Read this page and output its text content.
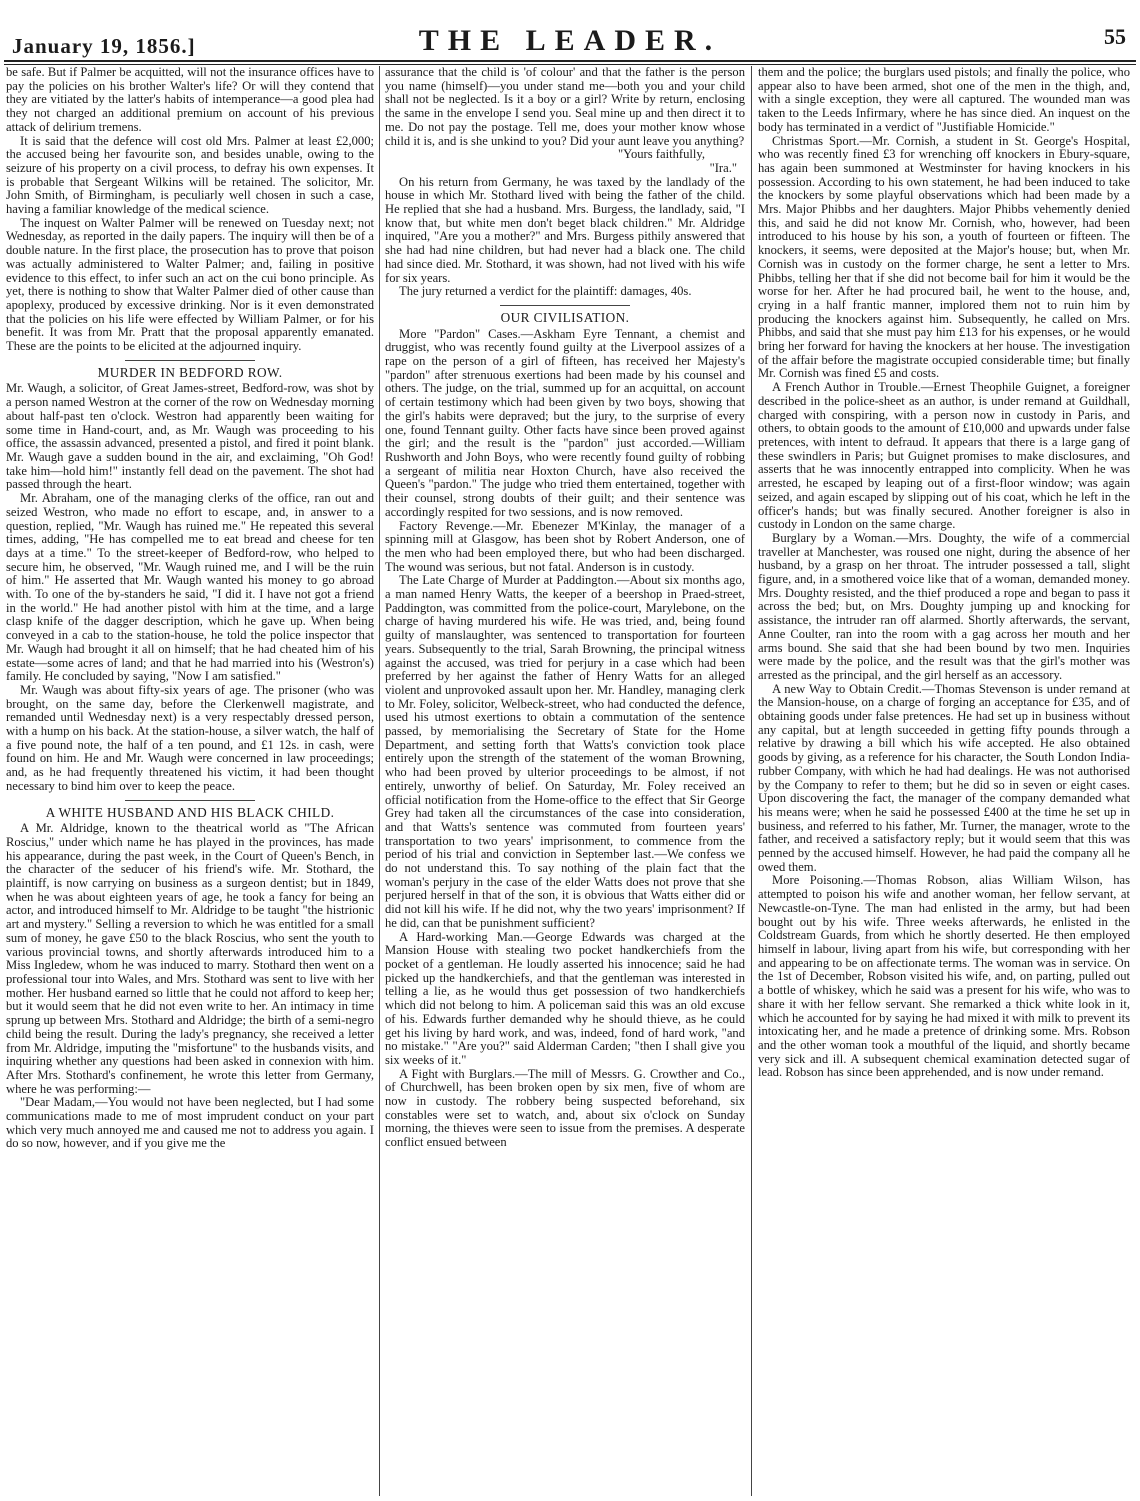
January 19, 1856.]	THE LEADER.	55

be safe. But if Palmer be acquitted, will not the insurance offices have to pay the policies on his brother Walter's life? Or will they contend that they are vitiated by the latter's habits of intemperance—a good plea had they not charged an additional premium on account of his previous attack of delirium tremens.

It is said that the defence will cost old Mrs. Palmer at least £2,000; the accused being her favourite son, and besides unable, owing to the seizure of his property on a civil process, to defray his own expenses. It is probable that Sergeant Wilkins will be retained. The solicitor, Mr. John Smith, of Birmingham, is peculiarly well chosen in such a case, having a familiar knowledge of the medical science.

The inquest on Walter Palmer will be renewed on Tuesday next; not Wednesday, as reported in the daily papers. The inquiry will then be of a double nature. In the first place, the prosecution has to prove that poison was actually administered to Walter Palmer; and, failing in positive evidence to this effect, to infer such an act on the cui bono principle. As yet, there is nothing to show that Walter Palmer died of other cause than apoplexy, produced by excessive drinking. Nor is it even demonstrated that the policies on his life were effected by William Palmer, or for his benefit. It was from Mr. Pratt that the proposal apparently emanated. These are the points to be elicited at the adjourned inquiry.

MURDER IN BEDFORD ROW.

Mr. Waugh, a solicitor, of Great James-street, Bedford-row, was shot by a person named Westron at the corner of the row on Wednesday morning about half-past ten o'clock. Westron had apparently been waiting for some time in Hand-court, and, as Mr. Waugh was proceeding to his office, the assassin advanced, presented a pistol, and fired it point blank. Mr. Waugh gave a sudden bound in the air, and exclaiming, "Oh God! take him—hold him!" instantly fell dead on the pavement. The shot had passed through the heart.

Mr. Abraham, one of the managing clerks of the office, ran out and seized Westron, who made no effort to escape, and, in answer to a question, replied, "Mr. Waugh has ruined me." He repeated this several times, adding, "He has compelled me to eat bread and cheese for ten days at a time." To the street-keeper of Bedford-row, who helped to secure him, he observed, "Mr. Waugh ruined me, and I will be the ruin of him." He asserted that Mr. Waugh wanted his money to go abroad with. To one of the by-standers he said, "I did it. I have not got a friend in the world." He had another pistol with him at the time, and a large clasp knife of the dagger description, which he gave up. When being conveyed in a cab to the station-house, he told the police inspector that Mr. Waugh had brought it all on himself; that he had cheated him of his estate—some acres of land; and that he had married into his (Westron's) family. He concluded by saying, "Now I am satisfied."

Mr. Waugh was about fifty-six years of age. The prisoner (who was brought, on the same day, before the Clerkenwell magistrate, and remanded until Wednesday next) is a very respectably dressed person, with a hump on his back. At the station-house, a silver watch, the half of a five pound note, the half of a ten pound, and £1 12s. in cash, were found on him. He and Mr. Waugh were concerned in law proceedings; and, as he had frequently threatened his victim, it had been thought necessary to bind him over to keep the peace.

A WHITE HUSBAND AND HIS BLACK CHILD.

A Mr. Aldridge, known to the theatrical world as "The African Roscius," under which name he has played in the provinces, has made his appearance, during the past week, in the Court of Queen's Bench, in the character of the seducer of his friend's wife. Mr. Stothard, the plaintiff, is now carrying on business as a surgeon dentist; but in 1849, when he was about eighteen years of age, he took a fancy for being an actor, and introduced himself to Mr. Aldridge to be taught "the histrionic art and mystery." Selling a reversion to which he was entitled for a small sum of money, he gave £50 to the black Roscius, who sent the youth to various provincial towns, and shortly afterwards introduced him to a Miss Ingledew, whom he was induced to marry. Stothard then went on a professional tour into Wales, and Mrs. Stothard was sent to live with her mother. Her husband earned so little that he could not afford to keep her; but it would seem that he did not even write to her. An intimacy in time sprung up between Mrs. Stothard and Aldridge; the birth of a semi-negro child being the result. During the lady's pregnancy, she received a letter from Mr. Aldridge, imputing the "misfortune" to the husbands visits, and inquiring whether any questions had been asked in connexion with him. After Mrs. Stothard's confinement, he wrote this letter from Germany, where he was performing:—

"Dear Madam,—You would not have been neglected, but I had some communications made to me of most imprudent conduct on your part which very much annoyed me and caused me not to address you again. I do so now, however, and if you give me the

assurance that the child is 'of colour' and that the father is the person you name (himself)—you under stand me—both you and your child shall not be neglected. Is it a boy or a girl? Write by return, enclosing the same in the envelope I send you. Seal mine up and then direct it to me. Do not pay the postage. Tell me, does your mother know whose child it is, and is she unkind to you? Did your aunt leave you anything?

"Yours faithfully,

"Ira."

On his return from Germany, he was taxed by the landlady of the house in which Mr. Stothard lived with being the father of the child. He replied that she had a husband. Mrs. Burgess, the landlady, said, "I know that, but white men don't beget black children." Mr. Aldridge inquired, "Are you a mother?" and Mrs. Burgess pithily answered that she had had nine children, but had never had a black one. The child had since died. Mr. Stothard, it was shown, had not lived with his wife for six years.

The jury returned a verdict for the plaintiff: damages, 40s.

OUR CIVILISATION.

More "Pardon" Cases.—Askham Eyre Tennant, a chemist and druggist, who was recently found guilty at the Liverpool assizes of a rape on the person of a girl of fifteen, has received her Majesty's "pardon" after strenuous exertions had been made by his counsel and others. The judge, on the trial, summed up for an acquittal, on account of certain testimony which had been given by two boys, showing that the girl's habits were depraved; but the jury, to the surprise of every one, found Tennant guilty. Other facts have since been proved against the girl; and the result is the "pardon" just accorded.—William Rushworth and John Boys, who were recently found guilty of robbing a sergeant of militia near Hoxton Church, have also received the Queen's "pardon." The judge who tried them entertained, together with their counsel, strong doubts of their guilt; and their sentence was accordingly respited for two sessions, and is now removed.

Factory Revenge.—Mr. Ebenezer M'Kinlay, the manager of a spinning mill at Glasgow, has been shot by Robert Anderson, one of the men who had been employed there, but who had been discharged. The wound was serious, but not fatal. Anderson is in custody.

The Late Charge of Murder at Paddington.—About six months ago, a man named Henry Watts, the keeper of a beershop in Praed-street, Paddington, was committed from the police-court, Marylebone, on the charge of having murdered his wife. He was tried, and, being found guilty of manslaughter, was sentenced to transportation for fourteen years. Subsequently to the trial, Sarah Browning, the principal witness against the accused, was tried for perjury in a case which had been preferred by her against the father of Henry Watts for an alleged violent and unprovoked assault upon her. Mr. Handley, managing clerk to Mr. Foley, solicitor, Welbeck-street, who had conducted the defence, used his utmost exertions to obtain a commutation of the sentence passed, by memorialising the Secretary of State for the Home Department, and setting forth that Watts's conviction took place entirely upon the strength of the statement of the woman Browning, who had been proved by ulterior proceedings to be almost, if not entirely, unworthy of belief. On Saturday, Mr. Foley received an official notification from the Home-office to the effect that Sir George Grey had taken all the circumstances of the case into consideration, and that Watts's sentence was commuted from fourteen years' transportation to two years' imprisonment, to commence from the period of his trial and conviction in September last.—We confess we do not understand this. To say nothing of the plain fact that the woman's perjury in the case of the elder Watts does not prove that she perjured herself in that of the son, it is obvious that Watts either did or did not kill his wife. If he did not, why the two years' imprisonment? If he did, can that be punishment sufficient?

A Hard-working Man.—George Edwards was charged at the Mansion House with stealing two pocket handkerchiefs from the pocket of a gentleman. He loudly asserted his innocence; said he had picked up the handkerchiefs, and that the gentleman was interested in telling a lie, as he would thus get possession of two handkerchiefs which did not belong to him. A policeman said this was an old excuse of his. Edwards further demanded why he should thieve, as he could get his living by hard work, and was, indeed, fond of hard work, "and no mistake." "Are you?" said Alderman Carden; "then I shall give you six weeks of it."

A Fight with Burglars.—The mill of Messrs. G. Crowther and Co., of Churchwell, has been broken open by six men, five of whom are now in custody. The robbery being suspected beforehand, six constables were set to watch, and, about six o'clock on Sunday morning, the thieves were seen to issue from the premises. A desperate conflict ensued between

them and the police; the burglars used pistols; and finally the police, who appear also to have been armed, shot one of the men in the thigh, and, with a single exception, they were all captured. The wounded man was taken to the Leeds Infirmary, where he has since died. An inquest on the body has terminated in a verdict of "Justifiable Homicide."

Christmas Sport.—Mr. Cornish, a student in St. George's Hospital, who was recently fined £3 for wrenching off knockers in Ebury-square, has again been summoned at Westminster for having knockers in his possession. According to his own statement, he had been induced to take the knockers by some playful observations which had been made by a Mrs. Major Phibbs and her daughters. Major Phibbs vehemently denied this, and said he did not know Mr. Cornish, who, however, had been introduced to his house by his son, a youth of fourteen or fifteen. The knockers, it seems, were deposited at the Major's house; but, when Mr. Cornish was in custody on the former charge, he sent a letter to Mrs. Phibbs, telling her that if she did not become bail for him it would be the worse for her. After he had procured bail, he went to the house, and, crying in a half frantic manner, implored them not to ruin him by producing the knockers against him. Subsequently, he called on Mrs. Phibbs, and said that she must pay him £13 for his expenses, or he would bring her forward for having the knockers at her house. The investigation of the affair before the magistrate occupied considerable time; but finally Mr. Cornish was fined £5 and costs.

A French Author in Trouble.—Ernest Theophile Guignet, a foreigner described in the police-sheet as an author, is under remand at Guildhall, charged with conspiring, with a person now in custody in Paris, and others, to obtain goods to the amount of £10,000 and upwards under false pretences, with intent to defraud. It appears that there is a large gang of these swindlers in Paris; but Guignet promises to make disclosures, and asserts that he was innocently entrapped into complicity. When he was arrested, he escaped by leaping out of a first-floor window; was again seized, and again escaped by slipping out of his coat, which he left in the officer's hands; but was finally secured. Another foreigner is also in custody in London on the same charge.

Burglary by a Woman.—Mrs. Doughty, the wife of a commercial traveller at Manchester, was roused one night, during the absence of her husband, by a grasp on her throat. The intruder possessed a tall, slight figure, and, in a smothered voice like that of a woman, demanded money. Mrs. Doughty resisted, and the thief produced a rope and began to pass it across the bed; but, on Mrs. Doughty jumping up and knocking for assistance, the intruder ran off alarmed. Shortly afterwards, the servant, Anne Coulter, ran into the room with a gag across her mouth and her arms bound. She said that she had been bound by two men. Inquiries were made by the police, and the result was that the girl's mother was arrested as the principal, and the girl herself as an accessory.

A new Way to Obtain Credit.—Thomas Stevenson is under remand at the Mansion-house, on a charge of forging an acceptance for £35, and of obtaining goods under false pretences. He had set up in business without any capital, but at length succeeded in getting fifty pounds through a relative by drawing a bill which his wife accepted. He also obtained goods by giving, as a reference for his character, the South London India-rubber Company, with which he had had dealings. He was not authorised by the Company to refer to them; but he did so in seven or eight cases. Upon discovering the fact, the manager of the company demanded what his means were; when he said he possessed £400 at the time he set up in business, and referred to his father, Mr. Turner, the manager, wrote to the father, and received a satisfactory reply; but it would seem that this was penned by the accused himself. However, he had paid the company all he owed them.

More Poisoning.—Thomas Robson, alias William Wilson, has attempted to poison his wife and another woman, her fellow servant, at Newcastle-on-Tyne. The man had enlisted in the army, but had been bought out by his wife. Three weeks afterwards, he enlisted in the Coldstream Guards, from which he shortly deserted. He then employed himself in labour, living apart from his wife, but corresponding with her and appearing to be on affectionate terms. The woman was in service. On the 1st of December, Robson visited his wife, and, on parting, pulled out a bottle of whiskey, which he said was a present for his wife, who was to share it with her fellow servant. She remarked a thick white look in it, which he accounted for by saying he had mixed it with milk to prevent its intoxicating her, and he made a pretence of drinking some. Mrs. Robson and the other woman took a mouthful of the liquid, and shortly became very sick and ill. A subsequent chemical examination detected sugar of lead. Robson has since been apprehended, and is now under remand.
